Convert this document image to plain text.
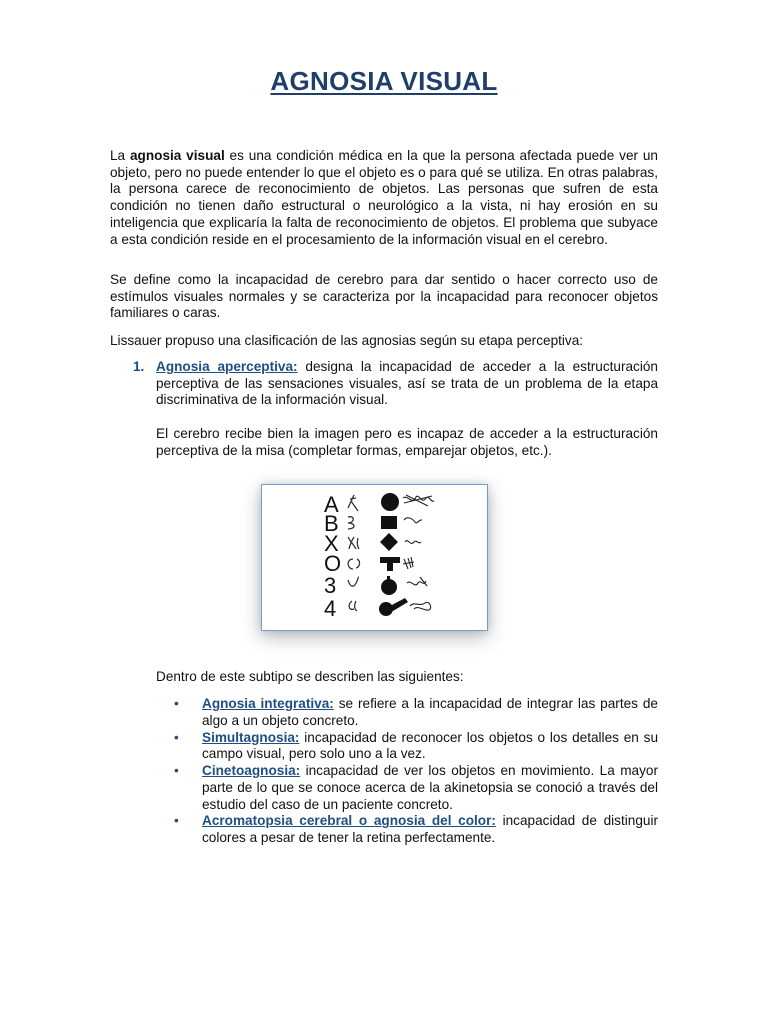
AGNOSIA VISUAL

La agnosia visual es una condición médica en la que la persona afectada puede ver un objeto, pero no puede entender lo que el objeto es o para qué se utiliza. En otras palabras, la persona carece de reconocimiento de objetos. Las personas que sufren de esta condición no tienen daño estructural o neurológico a la vista, ni hay erosión en su inteligencia que explicaría la falta de reconocimiento de objetos. El problema que subyace a esta condición reside en el procesamiento de la información visual en el cerebro.

Se define como la incapacidad de cerebro para dar sentido o hacer correcto uso de estímulos visuales normales y se caracteriza por la incapacidad para reconocer objetos familiares o caras.

Lissauer propuso una clasificación de las agnosias según su etapa perceptiva:

1. Agnosia aperceptiva: designa la incapacidad de acceder a la estructuración perceptiva de las sensaciones visuales, así se trata de un problema de la etapa discriminativa de la información visual.

El cerebro recibe bien la imagen pero es incapaz de acceder a la estructuración perceptiva de la misa (completar formas, emparejar objetos, etc.).

A
B
X
O
3
4

Dentro de este subtipo se describen las siguientes:

• Agnosia integrativa: se refiere a la incapacidad de integrar las partes de algo a un objeto concreto.

• Simultagnosia: incapacidad de reconocer los objetos o los detalles en su campo visual, pero solo uno a la vez.

• Cinetoagnosia: incapacidad de ver los objetos en movimiento. La mayor parte de lo que se conoce acerca de la akinetopsia se conoció a través del estudio del caso de un paciente concreto.

• Acromatopsia cerebral o agnosia del color: incapacidad de distinguir colores a pesar de tener la retina perfectamente.
